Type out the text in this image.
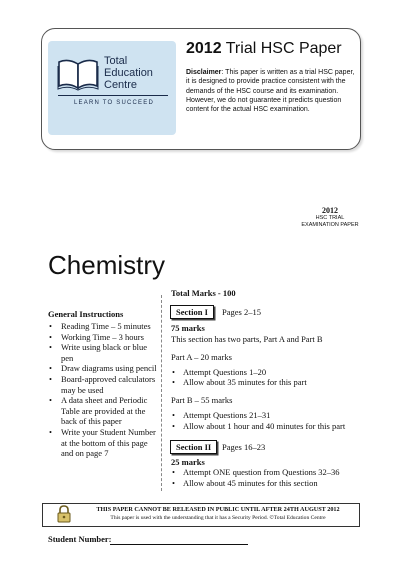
Total
Education
Centre
LEARN TO SUCCEED
2012 Trial HSC Paper
Disclaimer: This paper is written as a trial HSC paper, it is designed to provide practice consistent with the demands of the HSC course and its examination. However, we do not guarantee it predicts question content for the actual HSC examination.
2012
HSC TRIAL
EXAMINATION PAPER
Chemistry
General Instructions
• Reading Time – 5 minutes
• Working Time – 3 hours
• Write using black or blue pen
• Draw diagrams using pencil
• Board-approved calculators may be used
• A data sheet and Periodic Table are provided at the back of this paper
• Write your Student Number at the bottom of this page and on page 7
Total Marks - 100
Section I	Pages 2–15
75 marks
This section has two parts, Part A and Part B
Part A – 20 marks
• Attempt Questions 1–20
• Allow about 35 minutes for this part
Part B – 55 marks
• Attempt Questions 21–31
• Allow about 1 hour and 40 minutes for this part
Section II	Pages 16–23
25 marks
• Attempt ONE question from Questions 32–36
• Allow about 45 minutes for this section
THIS PAPER CANNOT BE RELEASED IN PUBLIC UNTIL AFTER 24TH AUGUST 2012
This paper is used with the understanding that it has a Security Period. ©Total Education Centre
Student Number:
